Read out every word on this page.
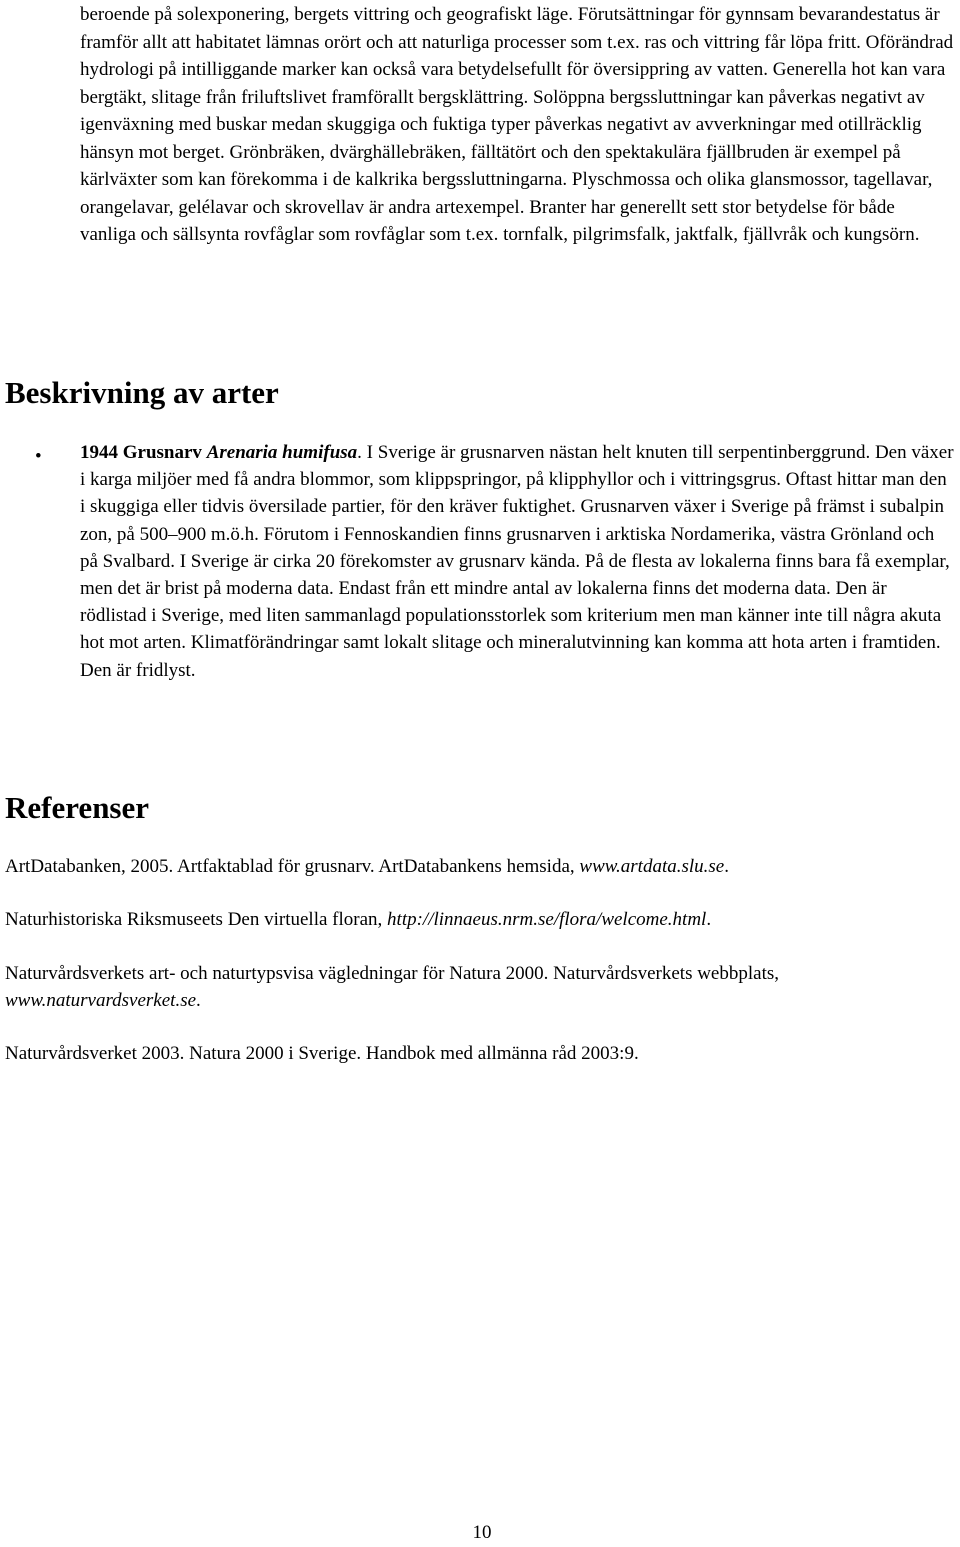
beroende på solexponering, bergets vittring och geografiskt läge. Förutsättningar för gynnsam bevarandestatus är framför allt att habitatet lämnas orört och att naturliga processer som t.ex. ras och vittring får löpa fritt. Oförändrad hydrologi på intilliggande marker kan också vara betydelsefullt för översippring av vatten. Generella hot kan vara bergtäkt, slitage från friluftslivet framförallt bergsklättring. Solöppna bergssluttningar kan påverkas negativt av igenväxning med buskar medan skuggiga och fuktiga typer påverkas negativt av avverkningar med otillräcklig hänsyn mot berget. Grönbräken, dvärghällebräken, fälltätört och den spektakulära fjällbruden är exempel på kärlväxter som kan förekomma i de kalkrika bergssluttningarna. Plyschmossa och olika glansmossor, tagellavar, orangelavar, gelélavar och skrovellav är andra artexempel. Branter har generellt sett stor betydelse för både vanliga och sällsynta rovfåglar som rovfåglar som t.ex. tornfalk, pilgrimsfalk, jaktfalk, fjällvråk och kungsörn.

Beskrivning av arter
• 1944 Grusnarv Arenaria humifusa. I Sverige är grusnarven nästan helt knuten till serpentinberggrund. Den växer i karga miljöer med få andra blommor, som klippspringor, på klipphyllor och i vittringsgrus. Oftast hittar man den i skuggiga eller tidvis översilade partier, för den kräver fuktighet. Grusnarven växer i Sverige på främst i subalpin zon, på 500–900 m.ö.h. Förutom i Fennoskandien finns grusnarven i arktiska Nordamerika, västra Grönland och på Svalbard. I Sverige är cirka 20 förekomster av grusnarv kända. På de flesta av lokalerna finns bara få exemplar, men det är brist på moderna data. Endast från ett mindre antal av lokalerna finns det moderna data. Den är rödlistad i Sverige, med liten sammanlagd populationsstorlek som kriterium men man känner inte till några akuta hot mot arten. Klimatförändringar samt lokalt slitage och mineralutvinning kan komma att hota arten i framtiden. Den är fridlyst.

Referenser

ArtDatabanken, 2005. Artfaktablad för grusnarv. ArtDatabankens hemsida, www.artdata.slu.se.

Naturhistoriska Riksmuseets Den virtuella floran, http://linnaeus.nrm.se/flora/welcome.html.

Naturvårdsverkets art- och naturtypsvisa vägledningar för Natura 2000. Naturvårdsverkets webbplats, www.naturvardsverket.se.

Naturvårdsverket 2003. Natura 2000 i Sverige. Handbok med allmänna råd 2003:9.

10
